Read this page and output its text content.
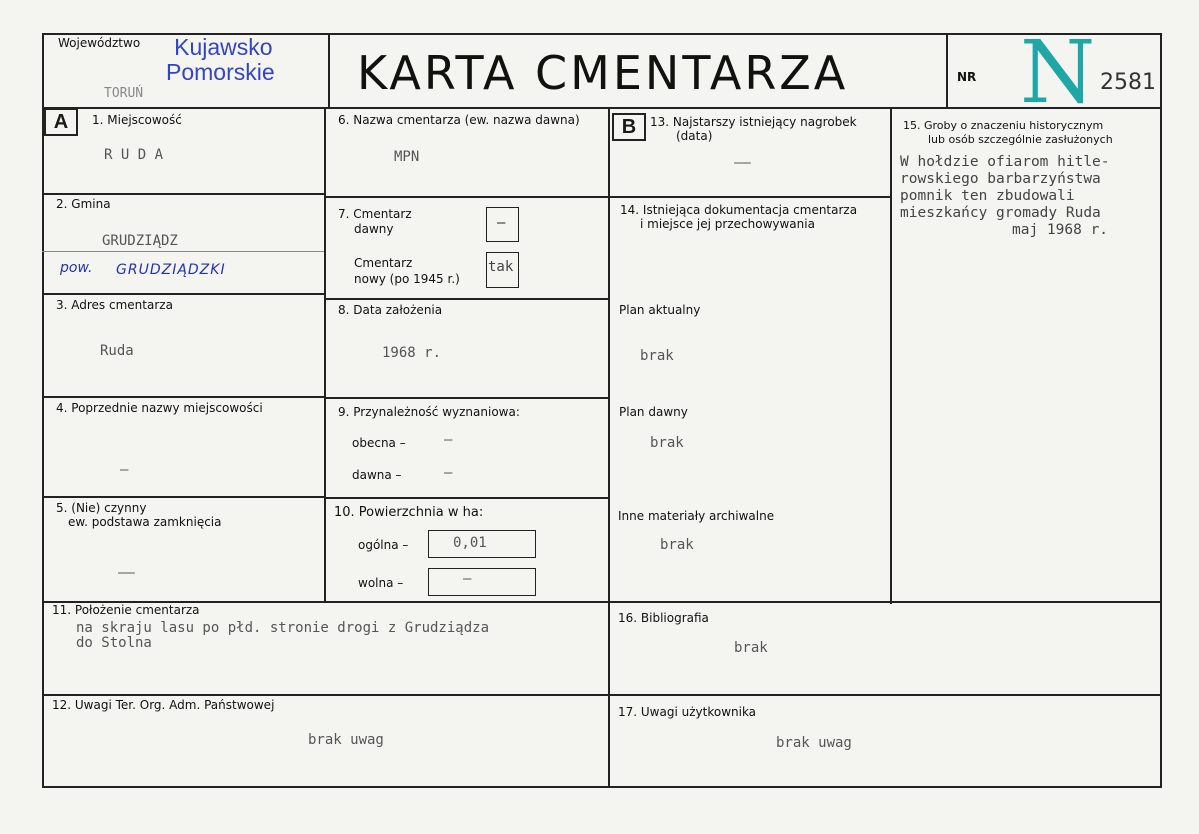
Województwo Kujawsko
Pomorskie
TORUŃ	KARTA CMENTARZA	NR N 2581
A	1. Miejscowość
R U D A
2. Gmina
GRUDZIĄDZ
pow. GRUDZIĄDZKI
3. Adres cmentarza
Ruda
4. Poprzednie nazwy miejscowości
–
5. (Nie) czynny
ew. podstawa zamknięcia
––
6. Nazwa cmentarza (ew. nazwa dawna)
MPN
7. Cmentarz
dawny	–
Cmentarz
nowy (po 1945 r.)
tak
8. Data założenia
1968 r.
9. Przynależność wyznaniowa:
obecna –	–
dawna –	–
10. Powierzchnia w ha:
ogólna –	0,01
wolna –	–
B	13. Najstarszy istniejący nagrobek
(data)
––
14. Istniejąca dokumentacja cmentarza
i miejsce jej przechowywania
Plan aktualny
brak
Plan dawny
brak
Inne materiały archiwalne
brak
15. Groby o znaczeniu historycznym
lub osób szczególnie zasłużonych
W hołdzie ofiarom hitle-
rowskiego barbarzyństwa
pomnik ten zbudowali
mieszkańcy gromady Ruda
maj 1968 r.
11. Położenie cmentarza
na skraju lasu po płd. stronie drogi z Grudziądza
do Stolna
16. Bibliografia
brak
12. Uwagi Ter. Org. Adm. Państwowej
brak uwag
17. Uwagi użytkownika
brak uwag
